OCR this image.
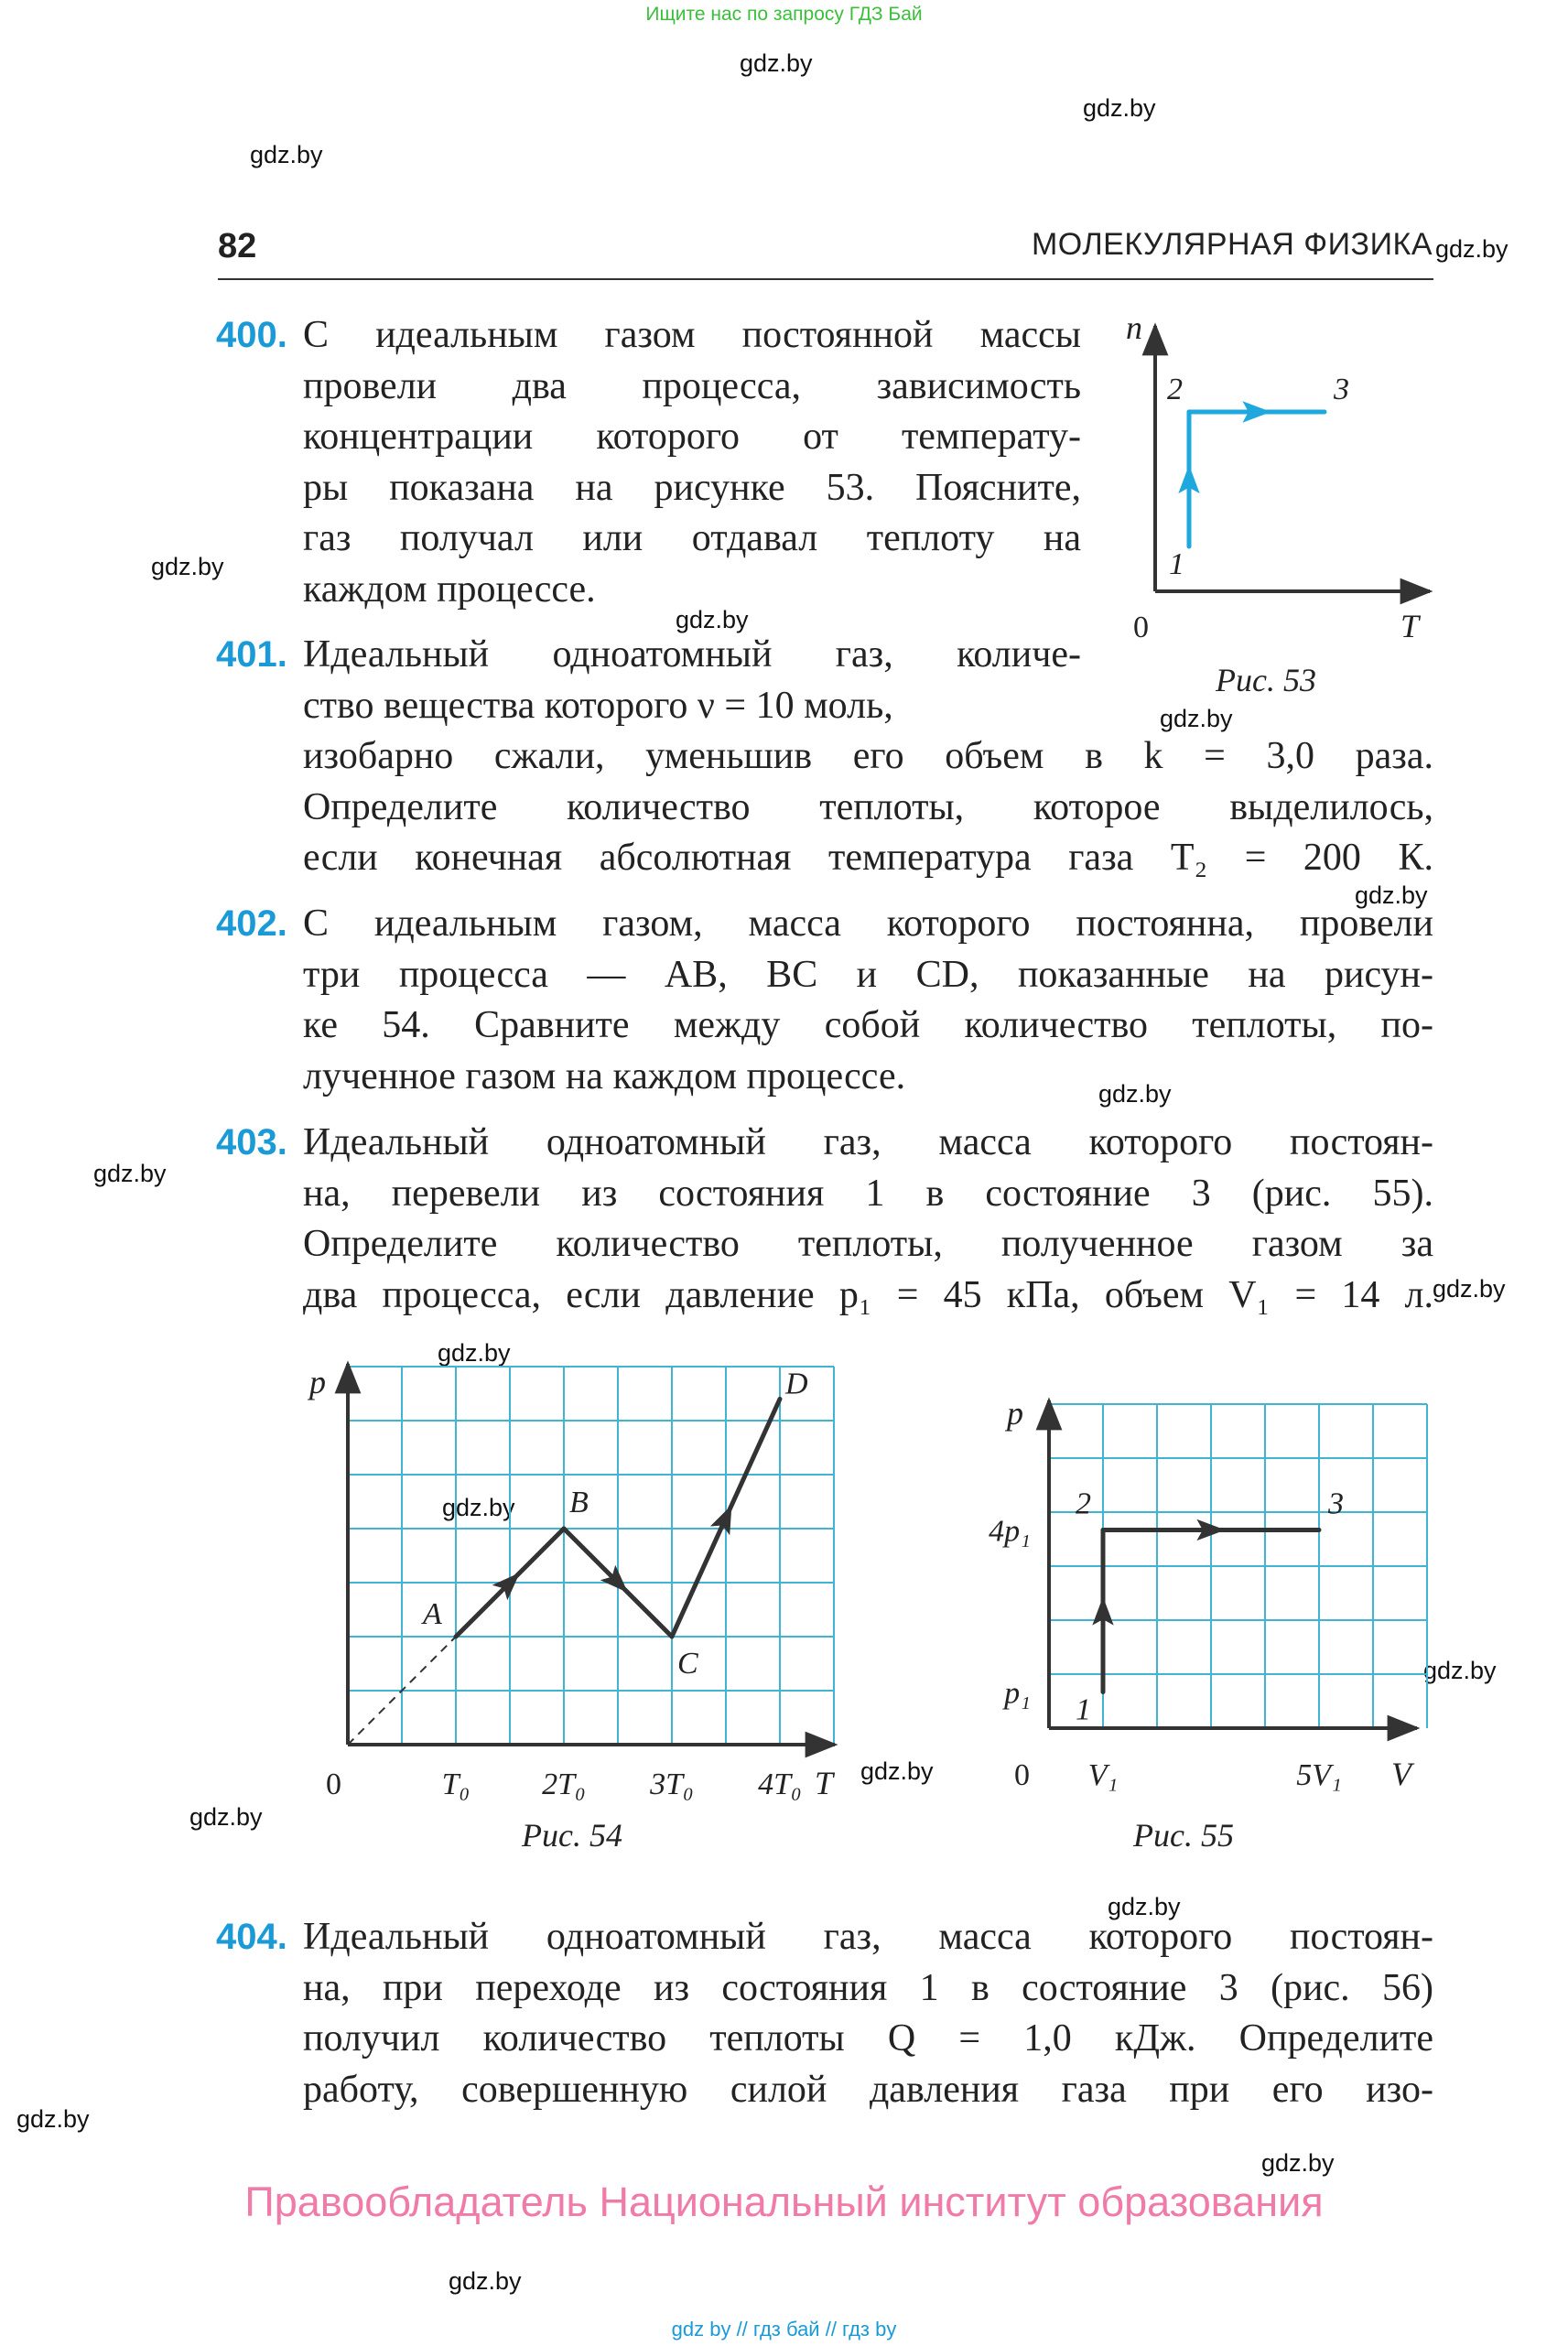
Ищите нас по запросу ГДЗ Бай
gdz.by
gdz.by
gdz.by
gdz.by
gdz.by
gdz.by
gdz.by
gdz.by
gdz.by
gdz.by
gdz.by
gdz.by
gdz.by
gdz.by
gdz.by
gdz.by
gdz.by
gdz.by
gdz.by
gdz.by
82	МОЛЕКУЛЯРНАЯ ФИЗИКА
400. С идеальным газом постоянной массы
провели два процесса, зависимость
концентрации которого от температу-
ры показана на рисунке 53. Поясните,
газ получал или отдавал теплоту на
каждом процессе.
n
T
0
1
2	3
Рис. 53
401. Идеальный одноатомный газ, количе-
ство вещества которого ν = 10 моль,
изобарно сжали, уменьшив его объем в k = 3,0 раза.
Определите количество теплоты, которое выделилось,
если конечная абсолютная температура газа T₂ = 200 К.
402. С идеальным газом, масса которого постоянна, провели
три процесса — AB, BC и CD, показанные на рисун-
ке 54. Сравните между собой количество теплоты, по-
лученное газом на каждом процессе.
403. Идеальный одноатомный газ, масса которого постоян-
на, перевели из состояния 1 в состояние 3 (рис. 55).
Определите количество теплоты, полученное газом за
два процесса, если давление p₁ = 45 кПа, объем V₁ = 14 л.
p
T
0	T₀ 2T₀ 3T₀ 4T₀
A
B
C
D
Рис. 54
p
V
0 V₁	5V₁
p₁
4p₁
1
2	3
Рис. 55
404. Идеальный одноатомный газ, масса которого постоян-
на, при переходе из состояния 1 в состояние 3 (рис. 56)
получил количество теплоты Q = 1,0 кДж. Определите
работу, совершенную силой давления газа при его изо-
Правообладатель Национальный институт образования
gdz by // гдз бай // гдз by
